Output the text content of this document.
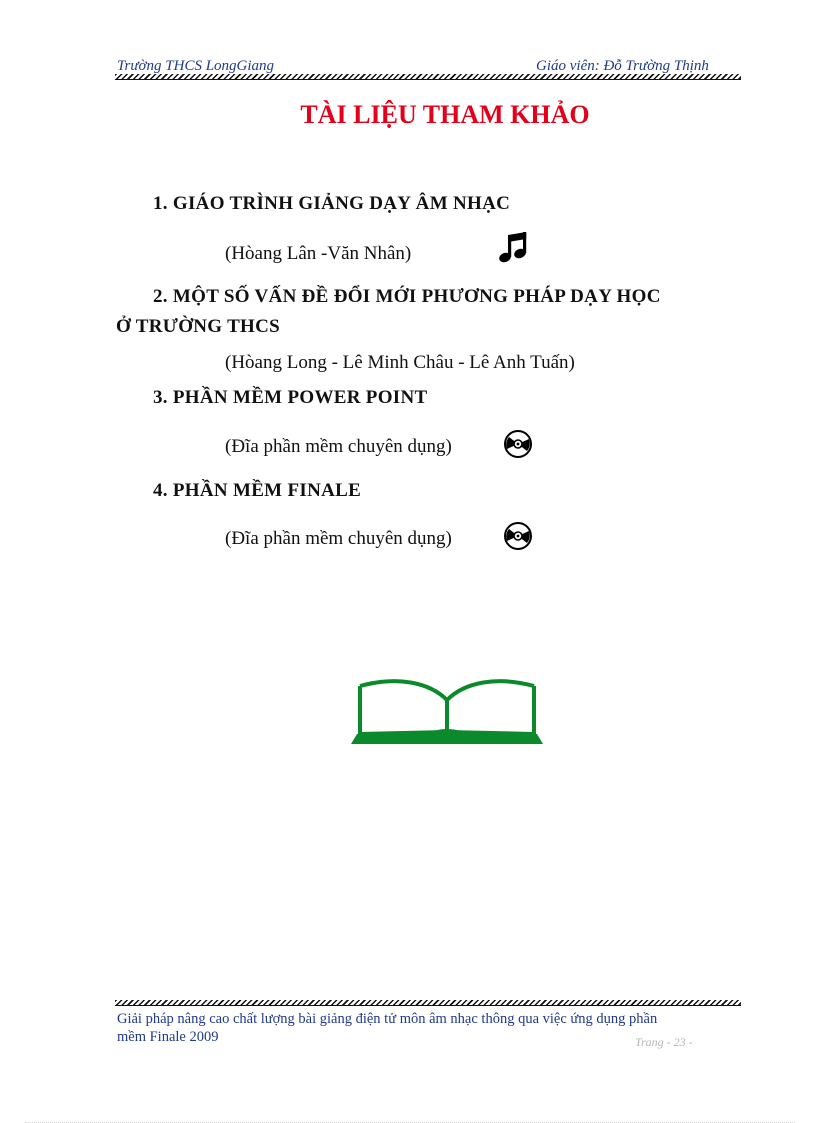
Trường THCS LongGiang	Giáo viên: Đỗ Trường Thịnh
TÀI LIỆU THAM KHẢO
1. GIÁO TRÌNH GIẢNG DẠY ÂM NHẠC
(Hòang Lân -Văn Nhân)
2. MỘT SỐ VẤN ĐỀ ĐỔI MỚI PHƯƠNG PHÁP DẠY HỌC
Ở TRƯỜNG THCS
(Hòang Long - Lê Minh Châu - Lê Anh Tuấn)
3. PHẦN MỀM POWER POINT
(Đĩa phần mềm chuyên dụng)
4. PHẦN MỀM FINALE
(Đĩa phần mềm chuyên dụng)
Giải pháp nâng cao chất lượng bài giảng điện tử môn âm nhạc thông qua việc ứng dụng phần
mềm Finale 2009	Trang - 23 -
